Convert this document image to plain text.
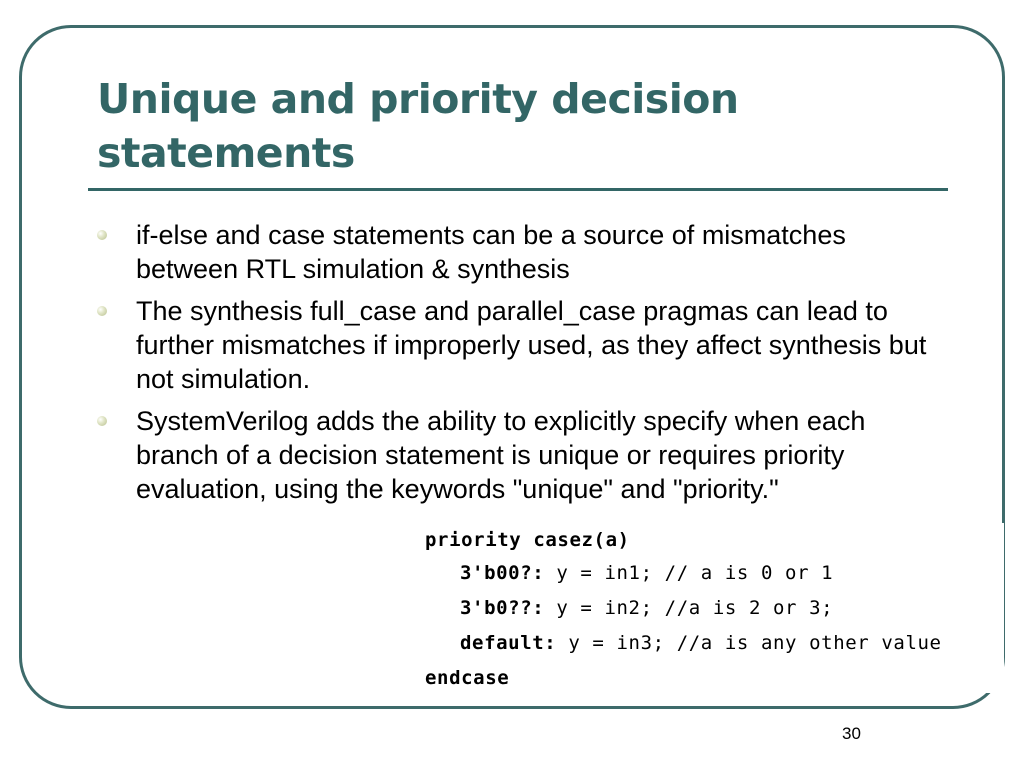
Unique and priority decision statements
if-else and case statements can be a source of mismatches between RTL simulation & synthesis
The synthesis full_case and parallel_case pragmas can lead to further mismatches if improperly used, as they affect synthesis but not simulation.
SystemVerilog adds the ability to explicitly specify when each branch of a decision statement is unique or requires priority evaluation, using the keywords "unique" and "priority."
priority casez(a)
3'b00?: y = in1; // a is 0 or 1
3'b0??: y = in2; //a is 2 or 3;
default: y = in3; //a is any other value
endcase
30
